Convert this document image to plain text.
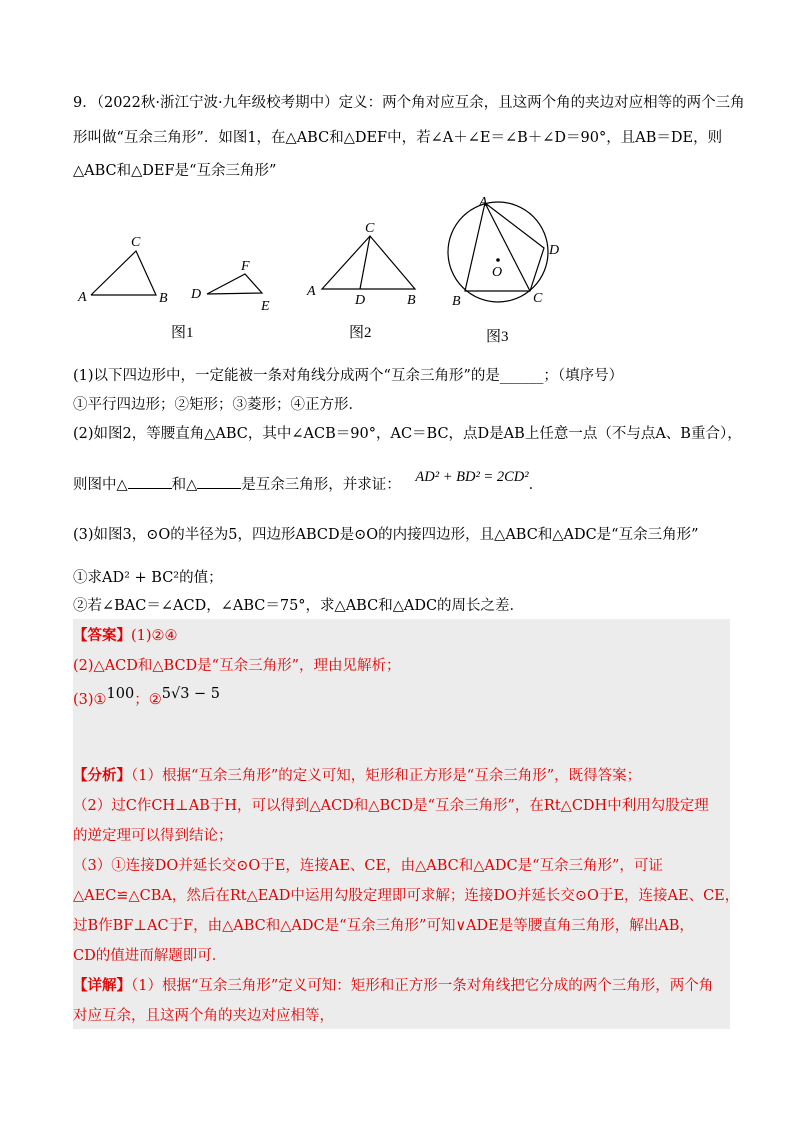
9．（2022秋·浙江宁波·九年级校考期中）定义：两个角对应互余，且这两个角的夹边对应相等的两个三角
形叫做“互余三角形”．如图1，在△ABC和△DEF中，若∠A＋∠E＝∠B＋∠D＝90°，且AB＝DE，则
△ABC和△DEF是“互余三角形”
A	B
C
D
E
F
A
B
C
D
A
B	C
D
O
图1	图2	图3
(1)以下四边形中，一定能被一条对角线分成两个“互余三角形”的是______；（填序号）
①平行四边形；②矩形；③菱形；④正方形．
(2)如图2，等腰直角△ABC，其中∠ACB＝90°，AC＝BC，点D是AB上任意一点（不与点A、B重合），
则图中△	和△	是互余三角形，并求证： AD² + BD² = 2CD²．
(3)如图3，⊙O的半径为5，四边形ABCD是⊙O的内接四边形，且△ABC和△ADC是“互余三角形”
①求AD² + BC²的值；
②若∠BAC＝∠ACD，∠ABC＝75°，求△ABC和△ADC的周长之差．
【答案】(1)②④
(2)△ACD和△BCD是“互余三角形”，理由见解析；
(3)①100；②5√3 − 5
【分析】（1）根据“互余三角形”的定义可知，矩形和正方形是“互余三角形”，既得答案；
（2）过C作CH⊥AB于H，可以得到△ACD和△BCD是“互余三角形”，在Rt△CDH中利用勾股定理
的逆定理可以得到结论；
（3）①连接DO并延长交⊙O于E，连接AE、CE，由△ABC和△ADC是“互余三角形”，可证
△AEC≌△CBA，然后在Rt△EAD中运用勾股定理即可求解；连接DO并延长交⊙O于E，连接AE、CE，
过B作BF⊥AC于F，由△ABC和△ADC是“互余三角形”可知∨ADE是等腰直角三角形，解出AB，
CD的值进而解题即可．
【详解】（1）根据“互余三角形”定义可知：矩形和正方形一条对角线把它分成的两个三角形，两个角
对应互余，且这两个角的夹边对应相等，
